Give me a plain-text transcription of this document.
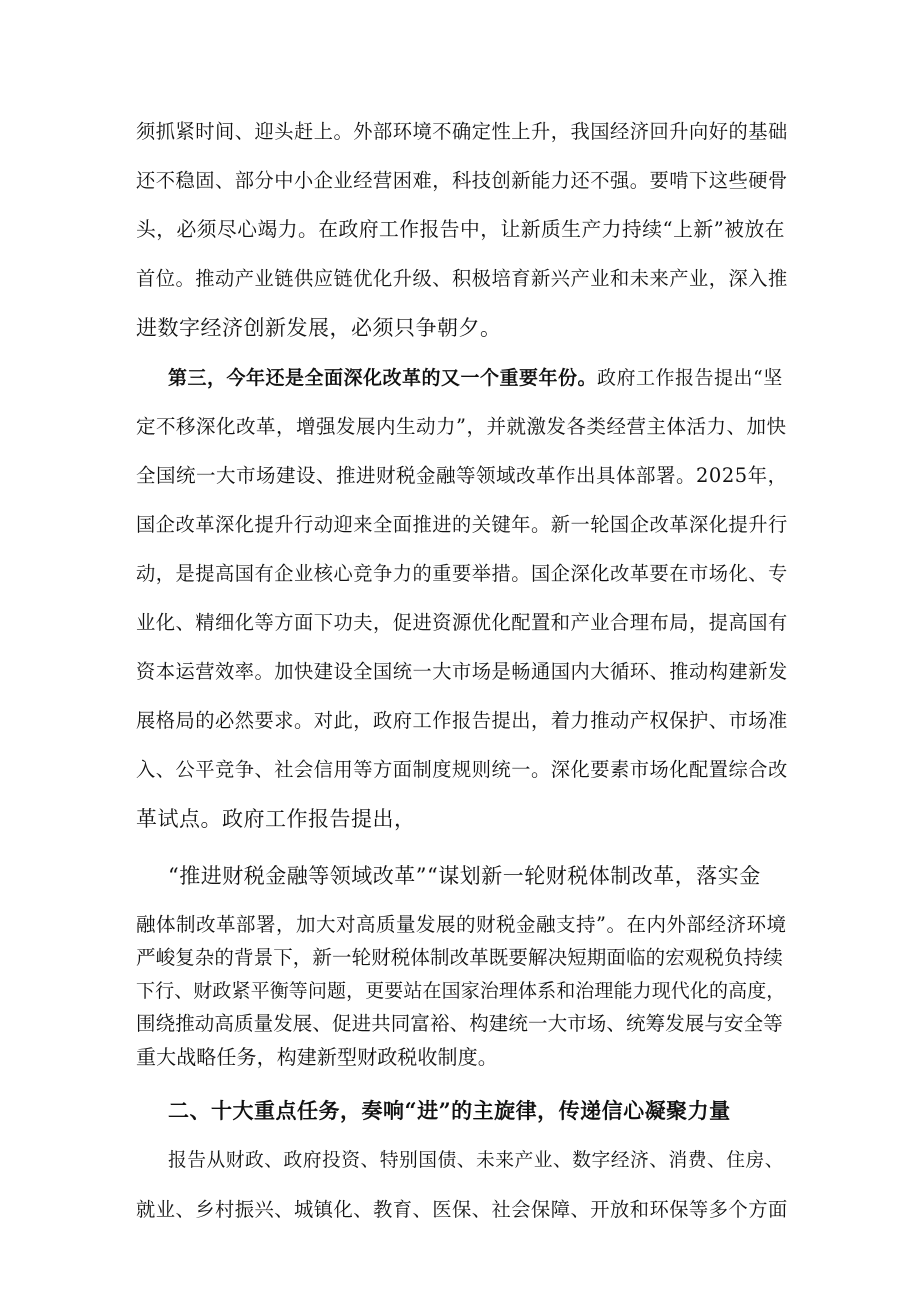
须抓紧时间、迎头赶上。外部环境不确定性上升，我国经济回升向好的基础
还不稳固、部分中小企业经营困难，科技创新能力还不强。要啃下这些硬骨
头，必须尽心竭力。在政府工作报告中，让新质生产力持续“上新”被放在
首位。推动产业链供应链优化升级、积极培育新兴产业和未来产业，深入推
进数字经济创新发展，必须只争朝夕。
第三，今年还是全面深化改革的又一个重要年份。政府工作报告提出“坚
定不移深化改革，增强发展内生动力”，并就激发各类经营主体活力、加快
全国统一大市场建设、推进财税金融等领域改革作出具体部署。2025年，
国企改革深化提升行动迎来全面推进的关键年。新一轮国企改革深化提升行
动，是提高国有企业核心竞争力的重要举措。国企深化改革要在市场化、专
业化、精细化等方面下功夫，促进资源优化配置和产业合理布局，提高国有
资本运营效率。加快建设全国统一大市场是畅通国内大循环、推动构建新发
展格局的必然要求。对此，政府工作报告提出，着力推动产权保护、市场准
入、公平竞争、社会信用等方面制度规则统一。深化要素市场化配置综合改
革试点。政府工作报告提出，
“推进财税金融等领域改革”“谋划新一轮财税体制改革，落实金
融体制改革部署，加大对高质量发展的财税金融支持”。在内外部经济环境
严峻复杂的背景下，新一轮财税体制改革既要解决短期面临的宏观税负持续
下行、财政紧平衡等问题，更要站在国家治理体系和治理能力现代化的高度，
围绕推动高质量发展、促进共同富裕、构建统一大市场、统筹发展与安全等
重大战略任务，构建新型财政税收制度。
二、十大重点任务，奏响“进”的主旋律，传递信心凝聚力量
报告从财政、政府投资、特别国债、未来产业、数字经济、消费、住房、
就业、乡村振兴、城镇化、教育、医保、社会保障、开放和环保等多个方面
